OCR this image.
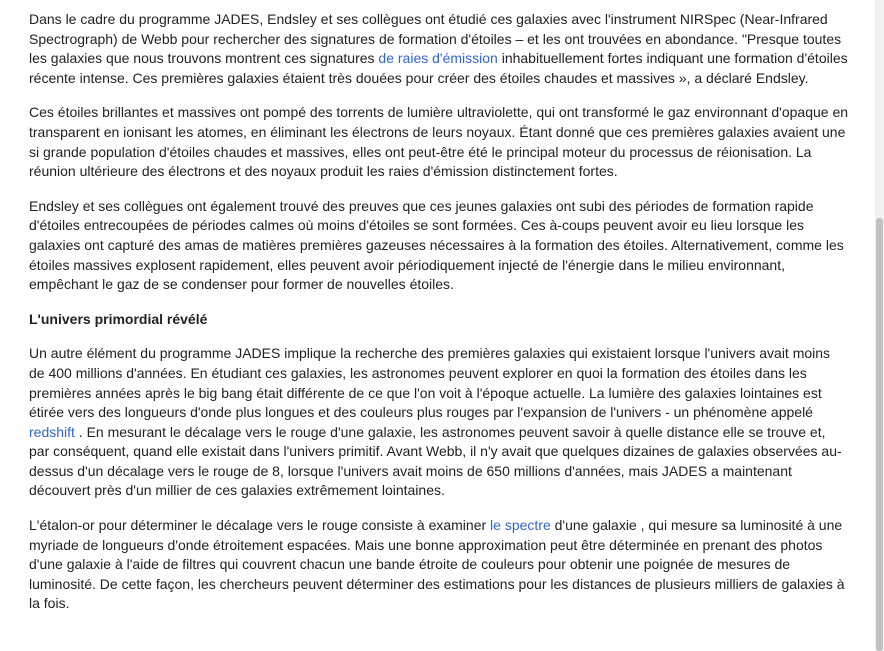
Dans le cadre du programme JADES, Endsley et ses collègues ont étudié ces galaxies avec l'instrument NIRSpec (Near-Infrared Spectrograph) de Webb pour rechercher des signatures de formation d'étoiles – et les ont trouvées en abondance. "Presque toutes les galaxies que nous trouvons montrent ces signatures de raies d'émission inhabituellement fortes indiquant une formation d'étoiles récente intense. Ces premières galaxies étaient très douées pour créer des étoiles chaudes et massives », a déclaré Endsley.

Ces étoiles brillantes et massives ont pompé des torrents de lumière ultraviolette, qui ont transformé le gaz environnant d'opaque en transparent en ionisant les atomes, en éliminant les électrons de leurs noyaux. Étant donné que ces premières galaxies avaient une si grande population d'étoiles chaudes et massives, elles ont peut-être été le principal moteur du processus de réionisation. La réunion ultérieure des électrons et des noyaux produit les raies d'émission distinctement fortes.

Endsley et ses collègues ont également trouvé des preuves que ces jeunes galaxies ont subi des périodes de formation rapide d'étoiles entrecoupées de périodes calmes où moins d'étoiles se sont formées. Ces à-coups peuvent avoir eu lieu lorsque les galaxies ont capturé des amas de matières premières gazeuses nécessaires à la formation des étoiles. Alternativement, comme les étoiles massives explosent rapidement, elles peuvent avoir périodiquement injecté de l'énergie dans le milieu environnant, empêchant le gaz de se condenser pour former de nouvelles étoiles.

L'univers primordial révélé

Un autre élément du programme JADES implique la recherche des premières galaxies qui existaient lorsque l'univers avait moins de 400 millions d'années. En étudiant ces galaxies, les astronomes peuvent explorer en quoi la formation des étoiles dans les premières années après le big bang était différente de ce que l'on voit à l'époque actuelle. La lumière des galaxies lointaines est étirée vers des longueurs d'onde plus longues et des couleurs plus rouges par l'expansion de l'univers - un phénomène appelé redshift . En mesurant le décalage vers le rouge d'une galaxie, les astronomes peuvent savoir à quelle distance elle se trouve et, par conséquent, quand elle existait dans l'univers primitif. Avant Webb, il n'y avait que quelques dizaines de galaxies observées au-dessus d'un décalage vers le rouge de 8, lorsque l'univers avait moins de 650 millions d'années, mais JADES a maintenant découvert près d'un millier de ces galaxies extrêmement lointaines.

L'étalon-or pour déterminer le décalage vers le rouge consiste à examiner le spectre d'une galaxie , qui mesure sa luminosité à une myriade de longueurs d'onde étroitement espacées. Mais une bonne approximation peut être déterminée en prenant des photos d'une galaxie à l'aide de filtres qui couvrent chacun une bande étroite de couleurs pour obtenir une poignée de mesures de luminosité. De cette façon, les chercheurs peuvent déterminer des estimations pour les distances de plusieurs milliers de galaxies à la fois.
